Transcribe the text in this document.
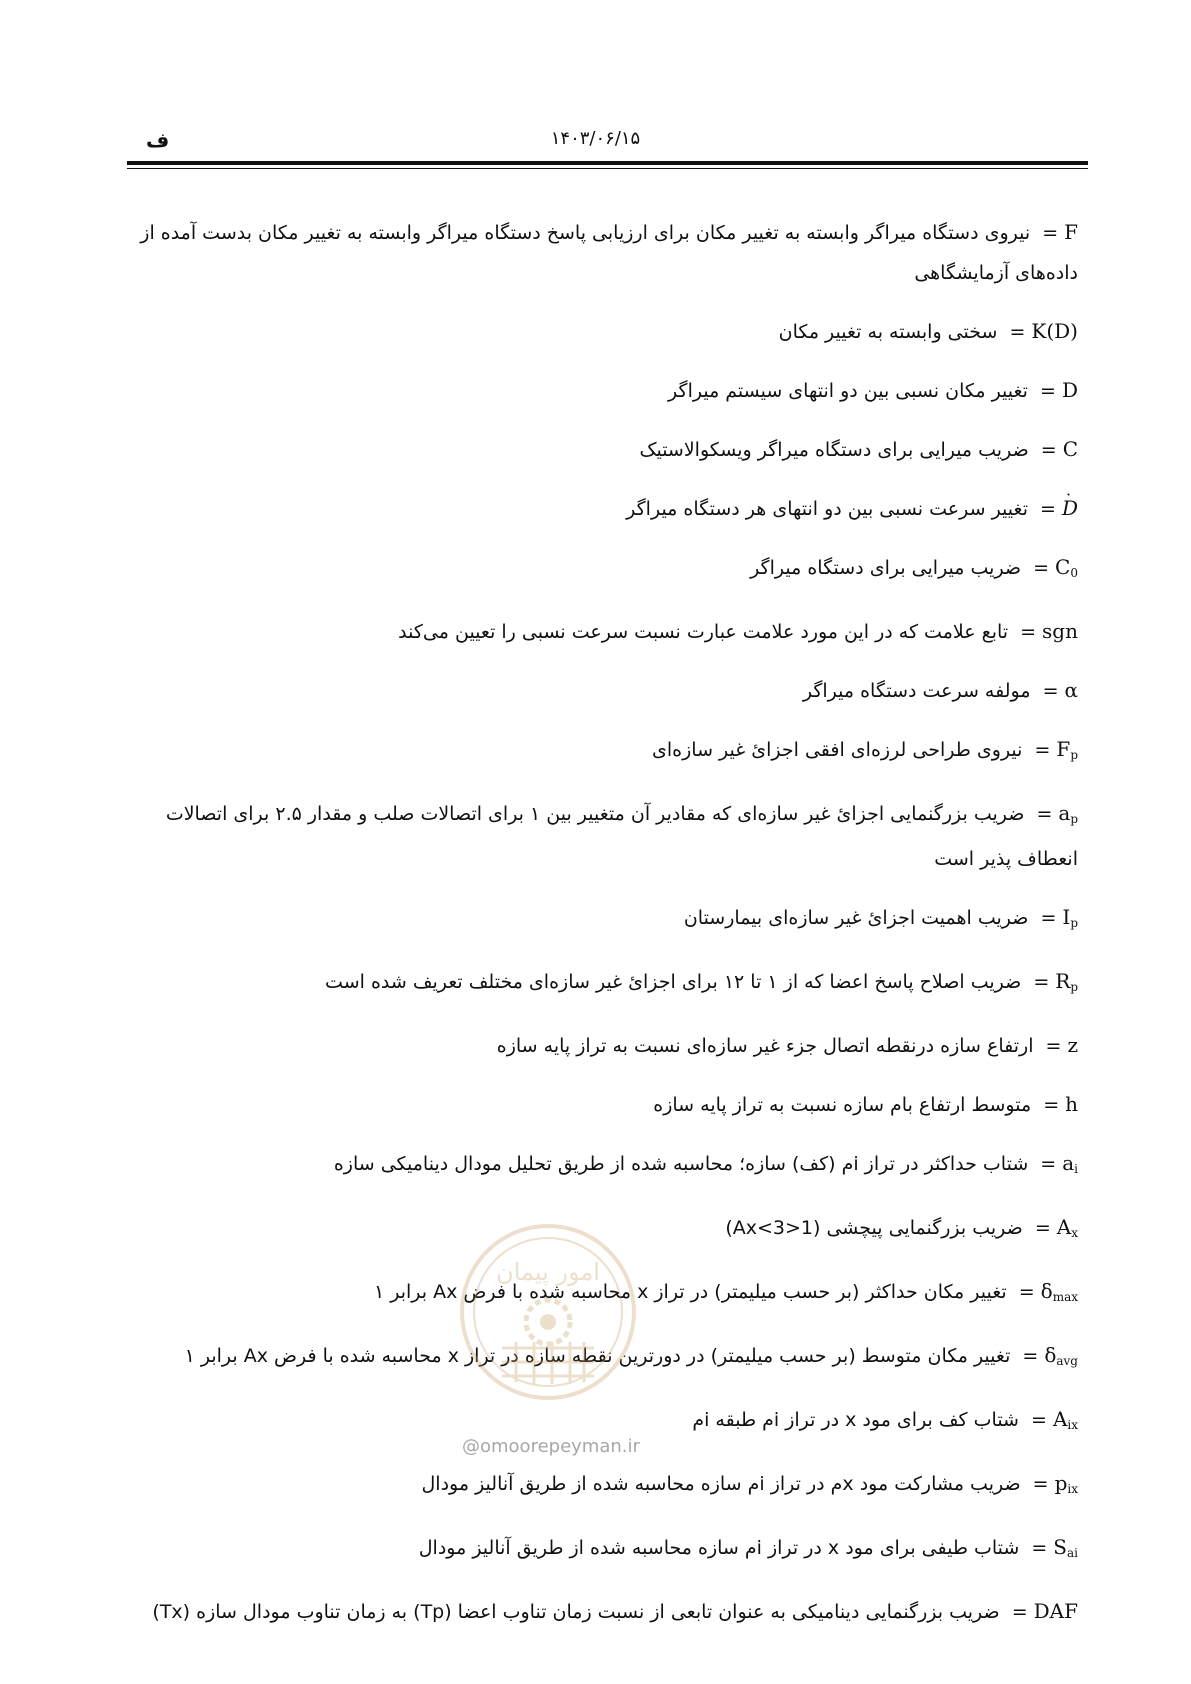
ف	۱۴۰۳/۰۶/۱۵

F= نیروی دستگاه میراگر وابسته به تغییر مکان برای ارزیابی پاسخ دستگاه میراگر وابسته به تغییر مکان بدست آمده از داده‌های آزمایشگاهی

K(D)= سختی وابسته به تغییر مکان

D= تغییر مکان نسبی بین دو انتهای سیستم میراگر

C= ضریب میرایی برای دستگاه میراگر ویسکوالاستیک

D ˙= تغییر سرعت نسبی بین دو انتهای هر دستگاه میراگر

$C_0=$ ضریب میرایی برای دستگاه میراگر

sgn= تابع علامت که در این مورد علامت عبارت نسبت سرعت نسبی را تعیین می‌کند

α= مولفه سرعت دستگاه میراگر

$F_p=$ نیروی طراحی لرزه‌ای افقی اجزائ غیر سازه‌ای

$a_p=$ ضریب بزرگنمایی اجزائ غیر سازه‌ای که مقادیر آن متغییر بین ۱ برای اتصالات صلب و مقدار ۲.۵ برای اتصالات انعطاف پذیر است

$I_p=$ ضریب اهمیت اجزائ غیر سازه‌ای بیمارستان

$R_p=$ ضریب اصلاح پاسخ اعضا که از ۱ تا ۱۲ برای اجزائ غیر سازه‌ای مختلف تعریف شده است

z= ارتفاع سازه درنقطه اتصال جزء غیر سازه‌ای نسبت به تراز پایه سازه

h= متوسط ارتفاع بام سازه نسبت به تراز پایه سازه

$a_i=$ شتاب حداکثر در تراز iم (کف) سازه؛ محاسبه شده از طریق تحلیل مودال دینامیکی سازه

$A_x=$ ضریب بزرگنمایی پیچشی (1<Ax<3)

$\delta_{max}=$ تغییر مکان حداکثر (بر حسب میلیمتر) در تراز x محاسبه شده با فرض Ax برابر ۱

$\delta_{avg}=$ تغییر مکان متوسط (بر حسب میلیمتر) در دورترین نقطه سازه در تراز x محاسبه شده با فرض Ax برابر ۱

$A_{ix}=$ شتاب کف برای مود x در تراز iم طبقه iم

$p_{ix}=$ ضریب مشارکت مود xم در تراز iم سازه محاسبه شده از طریق آنالیز مودال

$S_{ai}=$ شتاب طیفی برای مود x در تراز iم سازه محاسبه شده از طریق آنالیز مودال

DAF= ضریب بزرگنمایی دینامیکی به عنوان تابعی از نسبت زمان تناوب اعضا (Tp) به زمان تناوب مودال سازه (Tx)

امور پیمان
@omoorepeyman.ir
